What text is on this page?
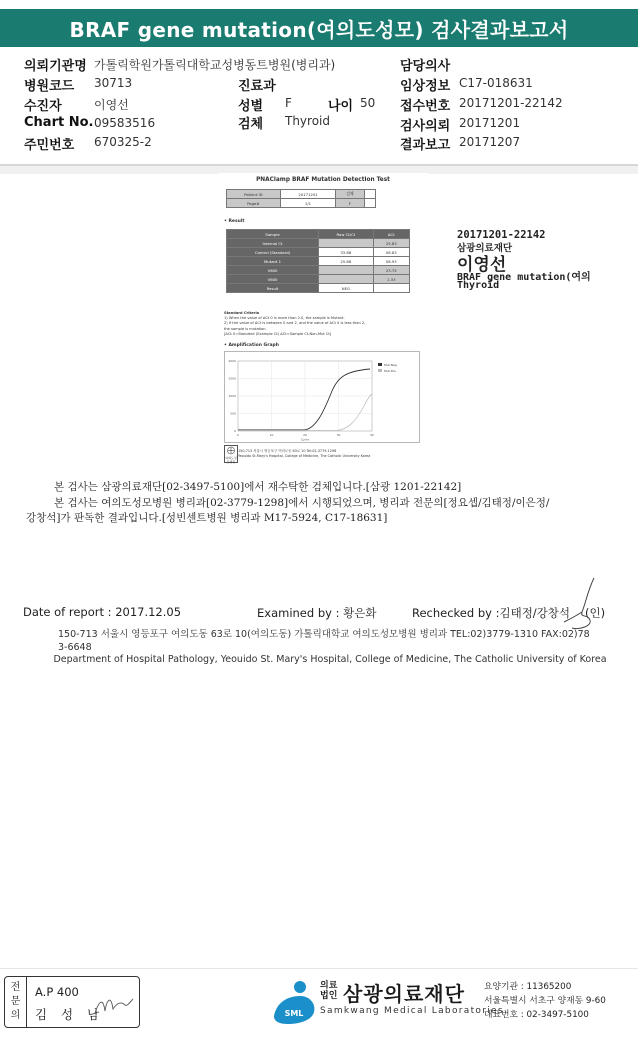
BRAF gene mutation(여의도성모) 검사결과보고서
의뢰기관명 가톨릭학원가톨릭대학교성병동트병원(병리과)	담당의사
병원코드 30713	진료과	임상정보 C17-018631
수진자	이영선	성별 F	나이 50 접수번호 20171201-22142
Chart No. 09583516	검체 Thyroid	검사의뢰 20171201
주민번호 670325-2	결과보고 20171207
PNAClamp BRAF Mutation Detection Test
Patient ID	20171201	검체	
Page#	1/1	F	
• Result
Sample	Raw Ct/Ct	ΔCt
Internal Ct		25.83
Control (Standard)	33.88	06.83
Mutant 1	25.86	08.93
V600		23.75
V600		1.33
Result	NEG	
Standard Criteria
1) When the value of ΔCt 0 is more than 2.0, the sample is Mutant.
2) If the value of ΔCt is between 0 and 2, and the value of ΔCt 0 is less than 2,
the sample is mutation.
[ΔCt 0=Standard (Example Ct) ΔCt=Sample Ct-Non-Mut Ct]
• Amplification Graph
0
500
1000
1500
2000
0	10	20	30	40
Cycle
Mut-Neg
Mut-Pos
여의도성모병원
150-713 서울시 영등포구 여의도동 63로 10 Tel:02-3779-1298
Yeouido St.Mary's Hospital, College of Medicine, The Catholic University Korea
20171201-22142
삼광의료재단
이영선
BRAF gene mutation(여의
Thyroid
본 검사는 삼광의료재단[02-3497-5100]에서 재수탁한 검체입니다.[삼광 1201-22142]
본 검사는 여의도성모병원 병리과[02-3779-1298]에서 시행되었으며, 병리과 전문의[정요셉/김태정/이은정/
강창석]가 판독한 결과입니다.[성빈센트병원 병리과 M17-5924, C17-18631]
Date of report : 2017.12.05	Examined by : 황은화	Rechecked by :김태정/강창석 (인)
150-713 서울시 영등포구 여의도동 63로 10(여의도동) 가톨릭대학교 여의도성모병원 병리과 TEL:02)3779-1310 FAX:02)78 3-6648
Department of Hospital Pathology, Yeouido St. Mary's Hospital, College of Medicine, The Catholic University of Korea
전
문
의
A.P 400
김 성 남	SML
의료
법인 삼광의료재단
Samkwang Medical Laboratories
요양기관 : 11365200
서울특별시 서초구 양재동 9-60
대표번호 : 02-3497-5100
